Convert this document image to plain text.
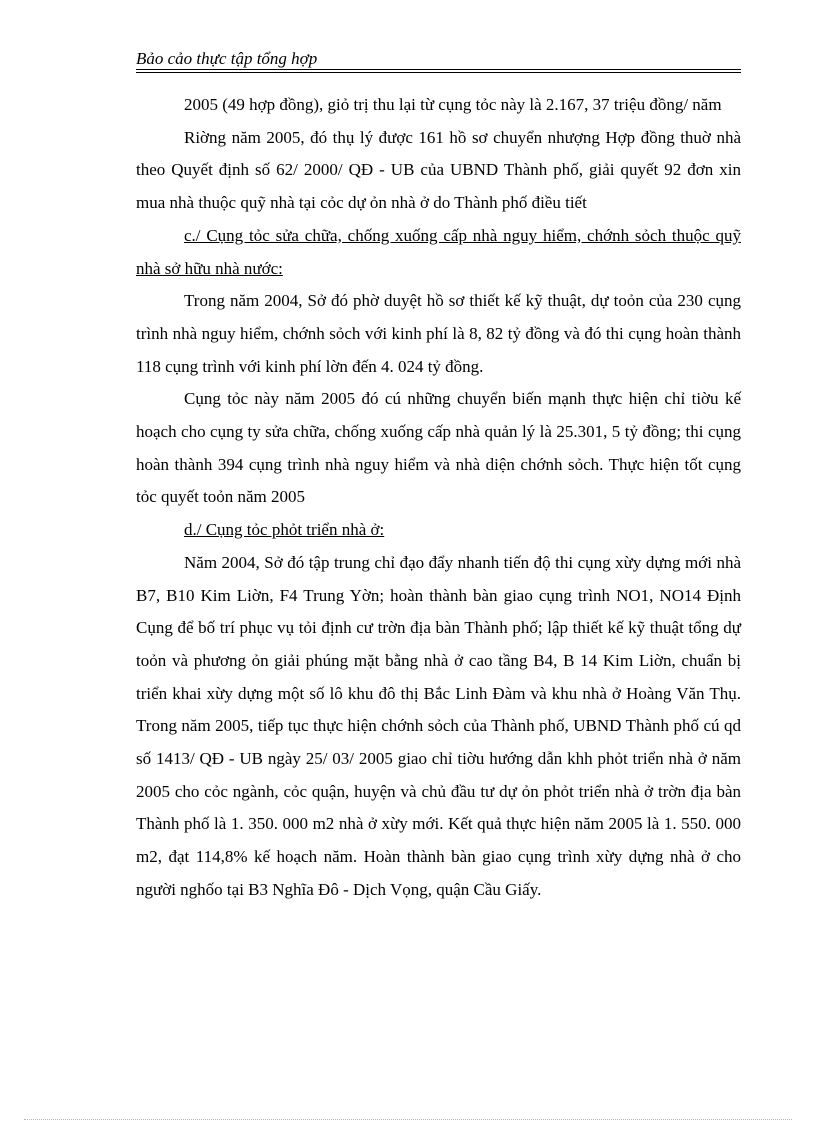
Bảo cảo thực tập tổng hợp

2005 (49 hợp đồng), giỏ trị thu lại từ cụng tỏc này là 2.167, 37 triệu đồng/ năm

Riờng năm 2005, đó thụ lý được 161 hồ sơ chuyển nhượng Hợp đồng thuờ nhà theo Quyết định số 62/ 2000/ QĐ - UB của UBND Thành phố, giải quyết 92 đơn xin mua nhà thuộc quỹ nhà tại cỏc dự ỏn nhà ở do Thành phố điều tiết

c./ Cụng tỏc sửa chữa, chống xuống cấp nhà nguy hiểm, chớnh sỏch thuộc quỹ nhà sở hữu nhà nước:

Trong năm 2004, Sở đó phờ duyệt hồ sơ thiết kế kỹ thuật, dự toỏn của 230 cụng trình nhà nguy hiểm, chớnh sỏch với kinh phí là 8, 82 tỷ đồng và đó thi cụng hoàn thành 118 cụng trình với kinh phí lờn đến 4. 024 tỷ đồng.

Cụng tỏc này năm 2005 đó cú những chuyển biến mạnh thực hiện chỉ tiờu kế hoạch cho cụng ty sửa chữa, chống xuống cấp nhà quản lý là 25.301, 5 tỷ đồng; thi cụng hoàn thành 394 cụng trình nhà nguy hiểm và nhà diện chớnh sỏch. Thực hiện tốt cụng tỏc quyết toỏn năm 2005

d./ Cụng tỏc phỏt triển nhà ở:

Năm 2004, Sở đó tập trung chỉ đạo đẩy nhanh tiến độ thi cụng xừy dựng mới nhà B7, B10 Kim Liờn, F4 Trung Yờn; hoàn thành bàn giao cụng trình NO1, NO14 Định Cụng để bố trí phục vụ tỏi định cư trờn địa bàn Thành phố; lập thiết kế kỹ thuật tổng dự toỏn và phương ỏn giải phúng mặt bằng nhà ở cao tầng B4, B 14 Kim Liờn, chuẩn bị triển khai xừy dựng một số lô khu đô thị Bắc Linh Đàm và khu nhà ở Hoàng Văn Thụ. Trong năm 2005, tiếp tục thực hiện chớnh sỏch của Thành phố, UBND Thành phố cú qd số 1413/ QĐ - UB ngày 25/ 03/ 2005 giao chỉ tiờu hướng dẫn khh phỏt triển nhà ở năm 2005 cho cỏc ngành, cỏc quận, huyện và chủ đầu tư dự ỏn phỏt triển nhà ở trờn địa bàn Thành phố là 1. 350. 000 m2 nhà ở xừy mới. Kết quả thực hiện năm 2005 là 1. 550. 000 m2, đạt 114,8% kế hoạch năm. Hoàn thành bàn giao cụng trình xừy dựng nhà ở cho người nghốo tại B3 Nghĩa Đô - Dịch Vọng, quận Cầu Giấy.
